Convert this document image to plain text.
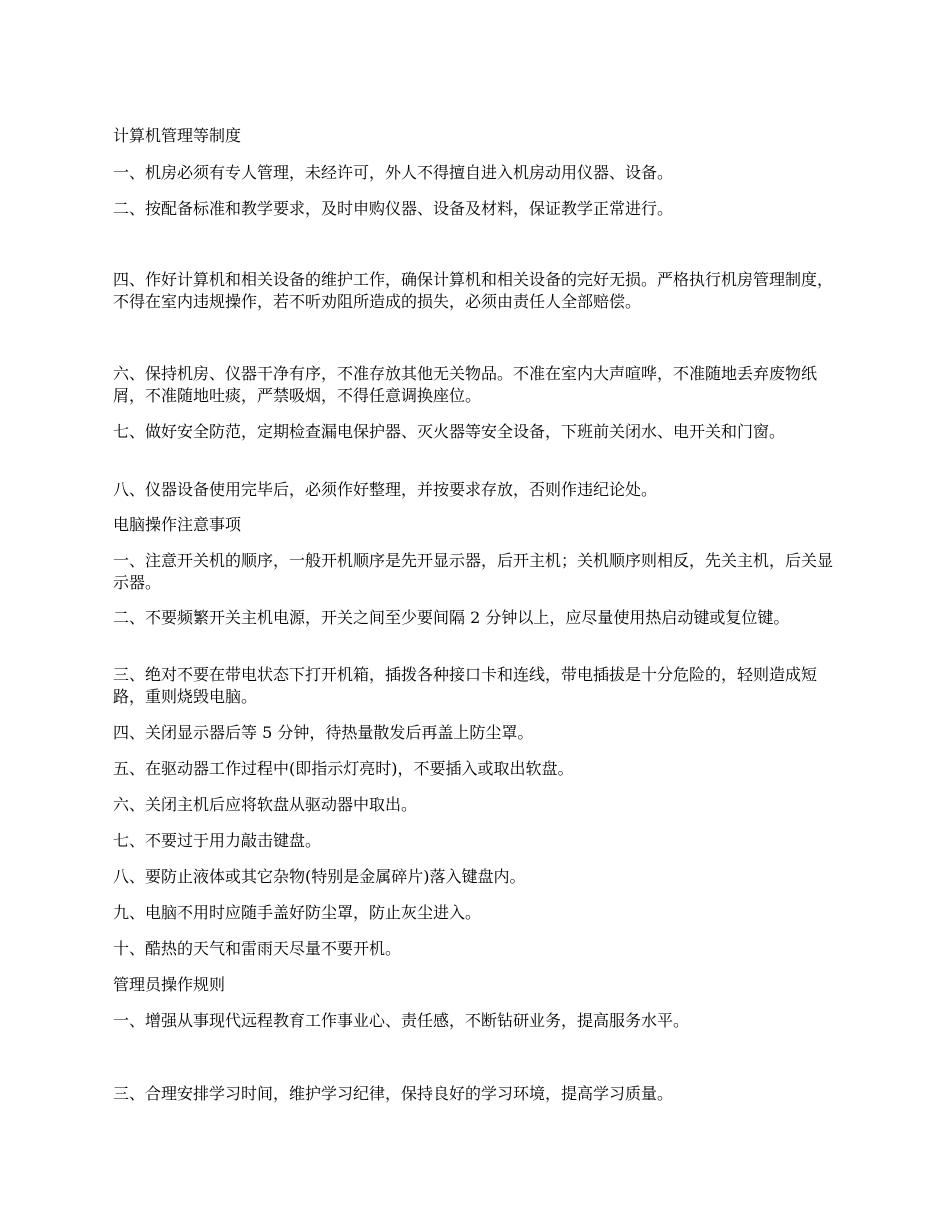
计算机管理等制度
一、机房必须有专人管理，未经许可，外人不得擅自进入机房动用仪器、设备。
二、按配备标准和教学要求，及时申购仪器、设备及材料，保证教学正常进行。
四、作好计算机和相关设备的维护工作，确保计算机和相关设备的完好无损。严格执行机房管理制度，不得在室内违规操作，若不听劝阻所造成的损失，必须由责任人全部赔偿。
六、保持机房、仪器干净有序，不准存放其他无关物品。不准在室内大声喧哗，不准随地丢弃废物纸屑，不准随地吐痰，严禁吸烟，不得任意调换座位。
七、做好安全防范，定期检查漏电保护器、灭火器等安全设备，下班前关闭水、电开关和门窗。
八、仪器设备使用完毕后，必须作好整理，并按要求存放，否则作违纪论处。
电脑操作注意事项
一、注意开关机的顺序，一般开机顺序是先开显示器，后开主机；关机顺序则相反，先关主机，后关显示器。
二、不要频繁开关主机电源，开关之间至少要间隔 2 分钟以上，应尽量使用热启动键或复位键。
三、绝对不要在带电状态下打开机箱，插拨各种接口卡和连线，带电插拔是十分危险的，轻则造成短路，重则烧毁电脑。
四、关闭显示器后等 5 分钟，待热量散发后再盖上防尘罩。
五、在驱动器工作过程中(即指示灯亮时)，不要插入或取出软盘。
六、关闭主机后应将软盘从驱动器中取出。
七、不要过于用力敲击键盘。
八、要防止液体或其它杂物(特别是金属碎片)落入键盘内。
九、电脑不用时应随手盖好防尘罩，防止灰尘进入。
十、酷热的天气和雷雨天尽量不要开机。
管理员操作规则
一、增强从事现代远程教育工作事业心、责任感，不断钻研业务，提高服务水平。
三、合理安排学习时间，维护学习纪律，保持良好的学习环境，提高学习质量。
